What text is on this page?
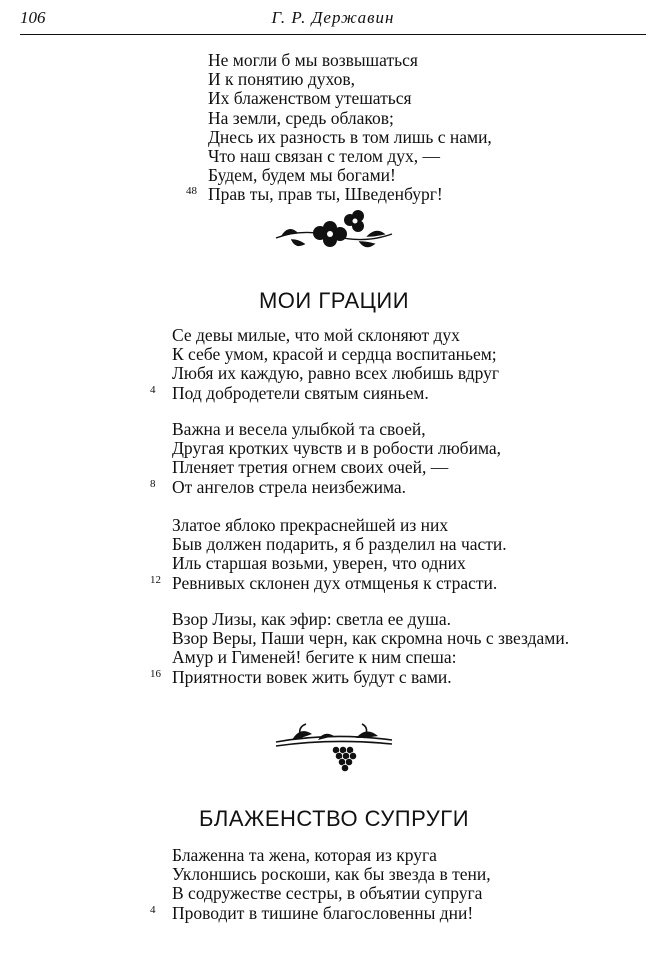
106	Г. Р. Державин
Не могли б мы возвышаться
И к понятию духов,
Их блаженством утешаться
На земли, средь облаков;
Днесь их разность в том лишь с нами,
Что наш связан с телом дух, —
Будем, будем мы богами!
48 Прав ты, прав ты, Шведенбург!
МОИ ГРАЦИИ
Се девы милые, что мой склоняют дух
К себе умом, красой и сердца воспитаньем;
Любя их каждую, равно всех любишь вдруг
4 Под добродетели святым сияньем.
Важна и весела улыбкой та своей,
Другая кротких чувств и в робости любима,
Пленяет третия огнем своих очей, —
8 От ангелов стрела неизбежима.
Златое яблоко прекраснейшей из них
Быв должен подарить, я б разделил на части.
Иль старшая возьми, уверен, что одних
12 Ревнивых склонен дух отмщенья к страсти.
Взор Лизы, как эфир: светла ее душа.
Взор Веры, Паши черн, как скромна ночь с звездами.
Амур и Гименей! бегите к ним спеша:
16 Приятности вовек жить будут с вами.
БЛАЖЕНСТВО СУПРУГИ
Блаженна та жена, которая из круга
Уклоншись роскоши, как бы звезда в тени,
В содружестве сестры, в объятии супруга
4 Проводит в тишине благословенны дни!
